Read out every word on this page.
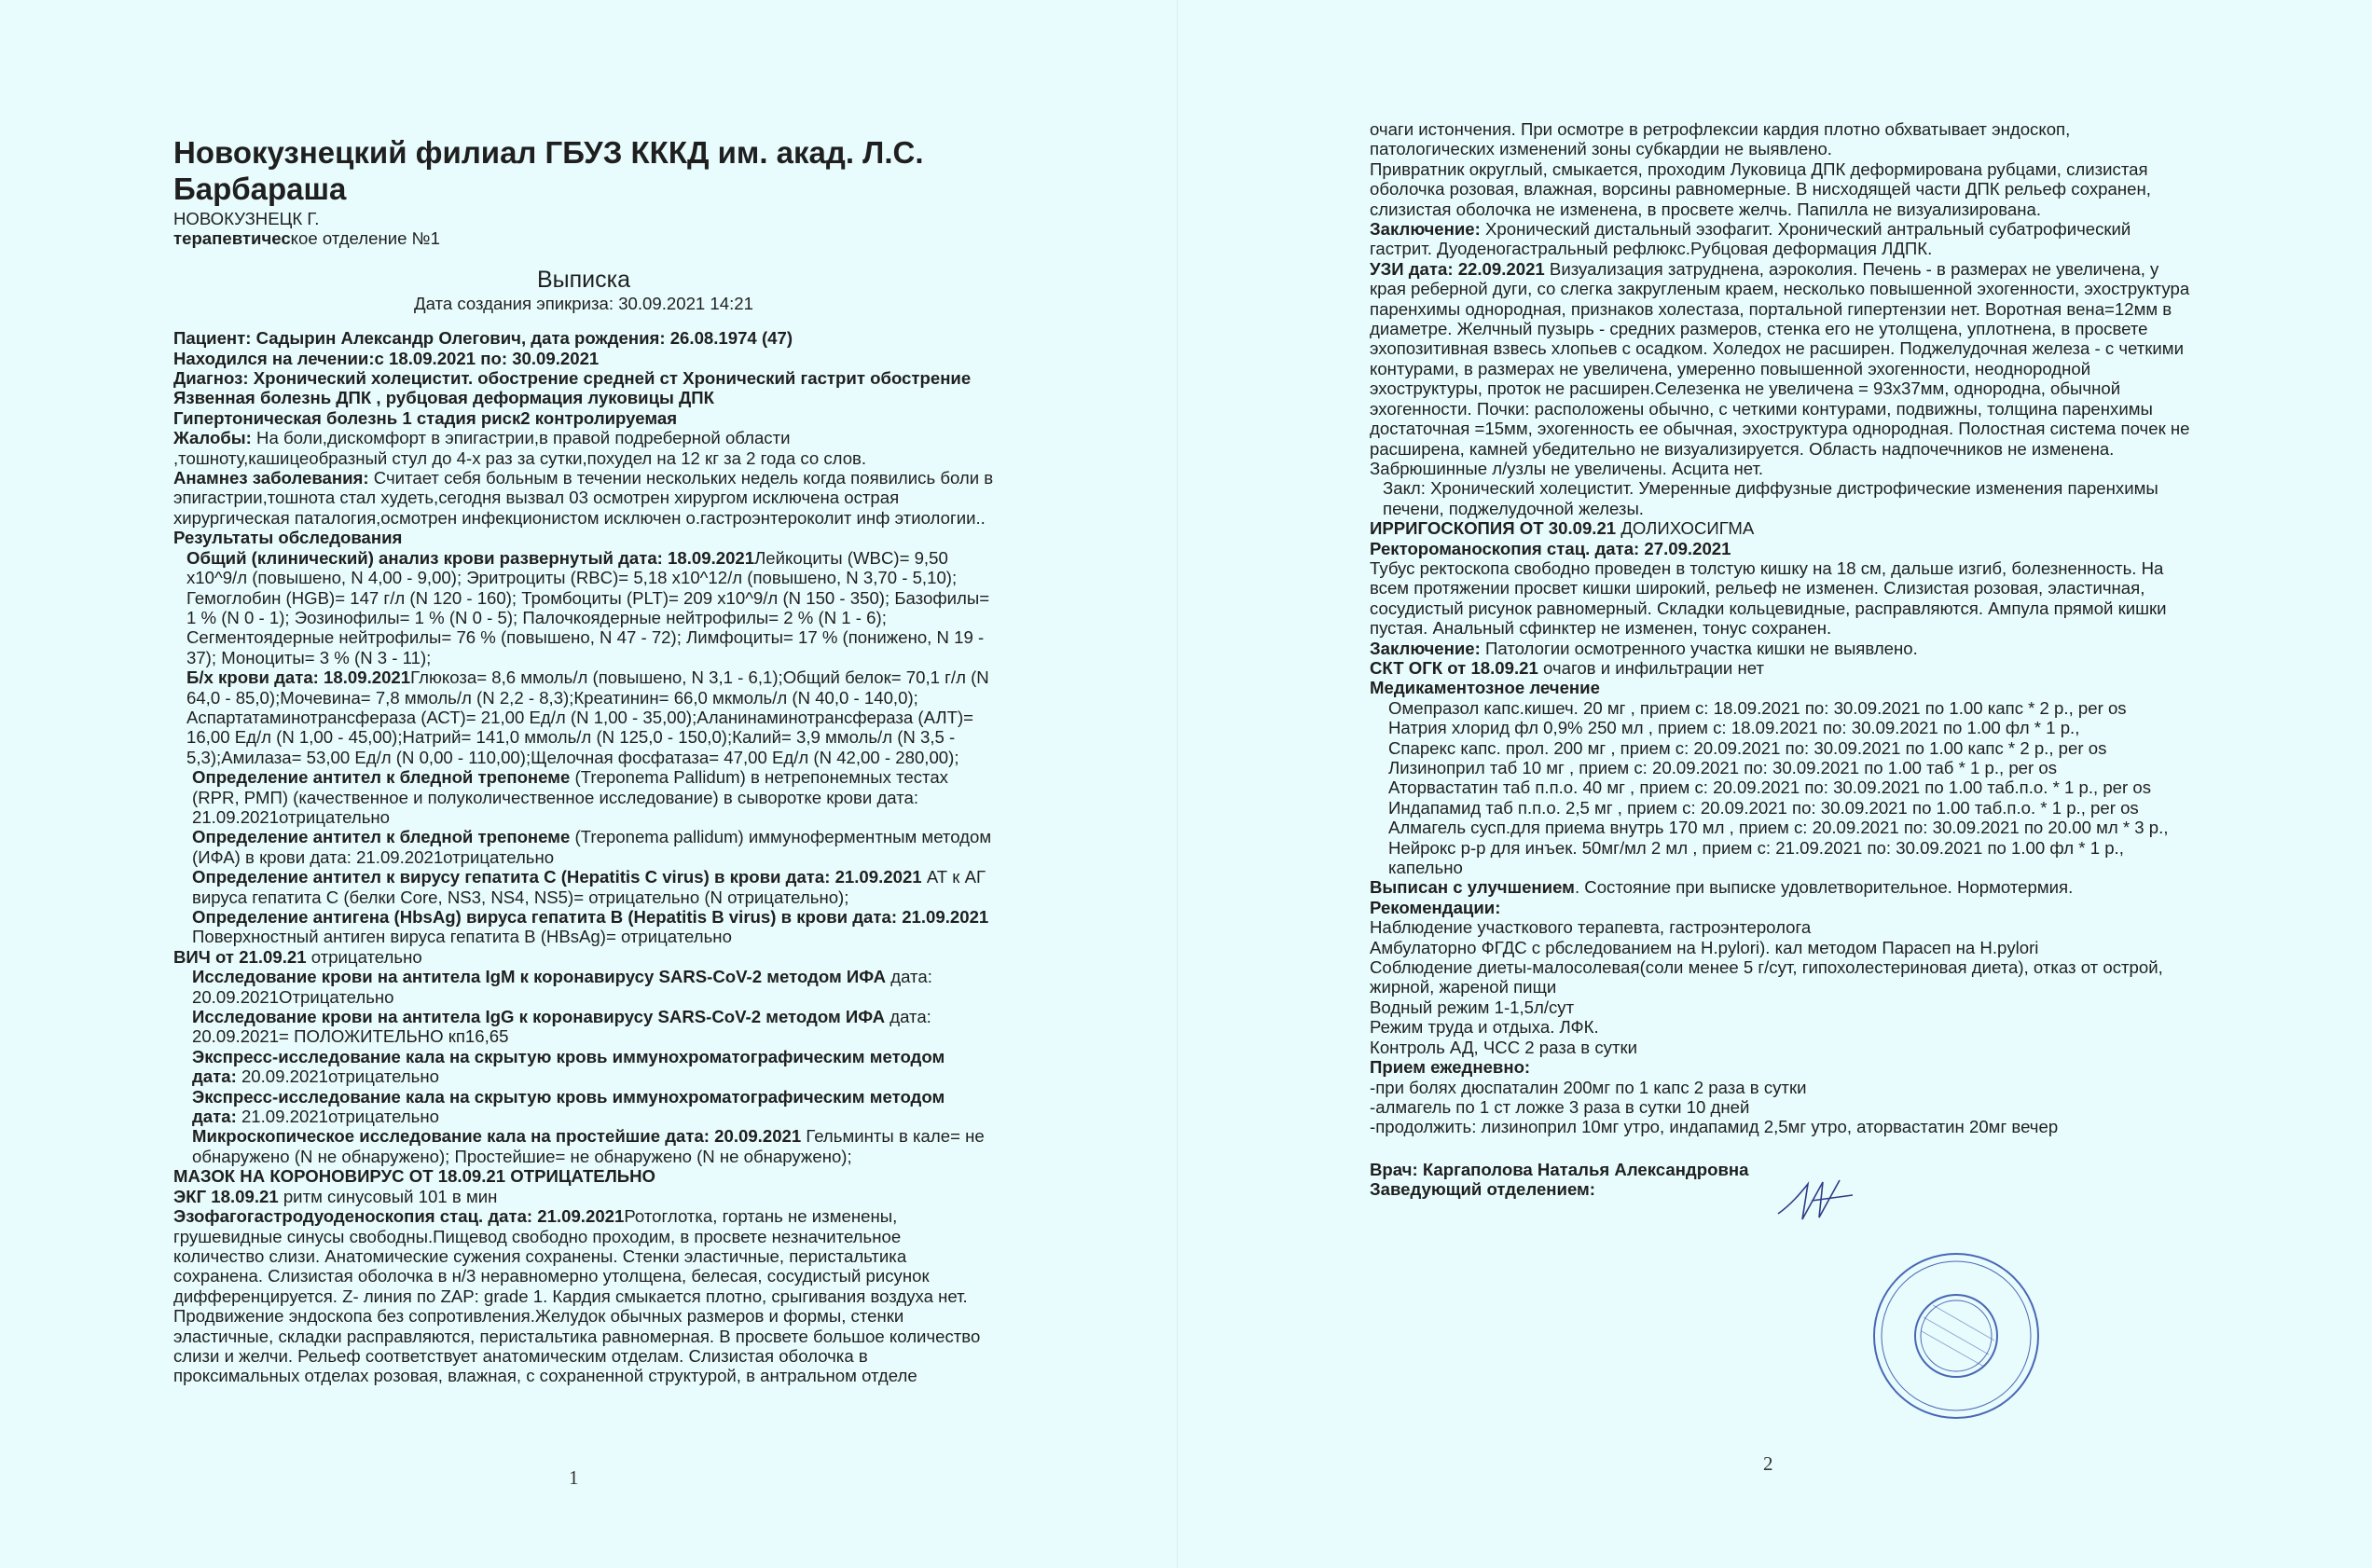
Новокузнецкий филиал ГБУЗ КККД им. акад. Л.С. Барбараша

НОВОКУЗНЕЦК Г.

терапевтическое отделение №1

Выписка

Дата создания эпикриза: 30.09.2021 14:21

Пациент: Садырин Александр Олегович, дата рождения: 26.08.1974 (47)

Находился на лечении:с 18.09.2021 по: 30.09.2021

Диагноз: Хронический холецистит. обострение средней ст Хронический гастрит обострение Язвенная болезнь ДПК , рубцовая деформация луковицы ДПК

Гипертоническая болезнь 1 стадия риск2 контролируемая

Жалобы: На боли,дискомфорт в эпигастрии,в правой подреберной области ,тошноту,кашицеобразный стул до 4-х раз за сутки,похудел на 12 кг за 2 года со слов.

Анамнез заболевания: Считает себя больным в течении нескольких недель когда появились боли в эпигастрии,тошнота стал худеть,сегодня вызвал 03 осмотрен хирургом исключена острая хирургическая паталогия,осмотрен инфекционистом исключен о.гастроэнтероколит инф этиологии..

Результаты обследования

Общий (клинический) анализ крови развернутый дата: 18.09.2021Лейкоциты (WBC)= 9,50 x10^9/л (повышено, N 4,00 - 9,00); Эритроциты (RBC)= 5,18 x10^12/л (повышено, N 3,70 - 5,10); Гемоглобин (HGB)= 147 г/л (N 120 - 160); Тромбоциты (PLT)= 209 x10^9/л (N 150 - 350); Базофилы= 1 % (N 0 - 1); Эозинофилы= 1 % (N 0 - 5); Палочкоядерные нейтрофилы= 2 % (N 1 - 6); Сегментоядерные нейтрофилы= 76 % (повышено, N 47 - 72); Лимфоциты= 17 % (понижено, N 19 - 37); Моноциты= 3 % (N 3 - 11);

Б/х крови дата: 18.09.2021Глюкоза= 8,6 ммоль/л (повышено, N 3,1 - 6,1);Общий белок= 70,1 г/л (N 64,0 - 85,0);Мочевина= 7,8 ммоль/л (N 2,2 - 8,3);Креатинин= 66,0 мкмоль/л (N 40,0 - 140,0); Аспартатаминотрансфераза (АСТ)= 21,00 Ед/л (N 1,00 - 35,00);Аланинаминотрансфераза (АЛТ)= 16,00 Ед/л (N 1,00 - 45,00);Натрий= 141,0 ммоль/л (N 125,0 - 150,0);Калий= 3,9 ммоль/л (N 3,5 - 5,3);Амилаза= 53,00 Ед/л (N 0,00 - 110,00);Щелочная фосфатаза= 47,00 Ед/л (N 42,00 - 280,00);

Определение антител к бледной трепонеме (Treponema Pallidum) в нетрепонемных тестах (RPR, РМП) (качественное и полуколичественное исследование) в сыворотке крови дата: 21.09.2021отрицательно

Определение антител к бледной трепонеме (Treponema pallidum) иммуноферментным методом (ИФА) в крови дата: 21.09.2021отрицательно

Определение антител к вирусу гепатита С (Hepatitis C virus) в крови дата: 21.09.2021 АТ к АГ вируса гепатита С (белки Core, NS3, NS4, NS5)= отрицательно (N отрицательно);

Определение антигена (HbsAg) вируса гепатита В (Hepatitis B virus) в крови дата: 21.09.2021 Поверхностный антиген вируса гепатита В (HBsAg)= отрицательно

ВИЧ от 21.09.21 отрицательно

Исследование крови на антитела IgM к коронавирусу SARS-CoV-2 методом ИФА дата: 20.09.2021Отрицательно

Исследование крови на антитела IgG к коронавирусу SARS-CoV-2 методом ИФА дата: 20.09.2021= ПОЛОЖИТЕЛЬНО кп16,65

Экспресс-исследование кала на скрытую кровь иммунохроматографическим методом дата: 20.09.2021отрицательно

Экспресс-исследование кала на скрытую кровь иммунохроматографическим методом дата: 21.09.2021отрицательно

Микроскопическое исследование кала на простейшие дата: 20.09.2021 Гельминты в кале= не обнаружено (N не обнаружено); Простейшие= не обнаружено (N не обнаружено);

МАЗОК НА КОРОНОВИРУС ОТ 18.09.21 ОТРИЦАТЕЛЬНО

ЭКГ 18.09.21 ритм синусовый 101 в мин

Эзофагогастродуоденоскопия стац. дата: 21.09.2021Ротоглотка, гортань не изменены, грушевидные синусы свободны.Пищевод свободно проходим, в просвете незначительное количество слизи. Анатомические сужения сохранены. Стенки эластичные, перистальтика сохранена. Слизистая оболочка в н/3 неравномерно утолщена, белесая, сосудистый рисунок дифференцируется. Z- линия по ZAP: grade 1. Кардия смыкается плотно, срыгивания воздуха нет. Продвижение эндоскопа без сопротивления.Желудок обычных размеров и формы, стенки эластичные, складки расправляются, перистальтика равномерная. В просвете большое количество слизи и желчи. Рельеф соответствует анатомическим отделам. Слизистая оболочка в проксимальных отделах розовая, влажная, с сохраненной структурой, в антральном отделе

1

очаги истончения. При осмотре в ретрофлексии кардия плотно обхватывает эндоскоп, патологических изменений зоны субкардии не выявлено.

Привратник округлый, смыкается, проходим Луковица ДПК деформирована рубцами, слизистая оболочка розовая, влажная, ворсины равномерные. В нисходящей части ДПК рельеф сохранен, слизистая оболочка не изменена, в просвете желчь. Папилла не визуализирована.

Заключение: Хронический дистальный эзофагит. Хронический антральный субатрофический гастрит. Дуоденогастральный рефлюкс.Рубцовая деформация ЛДПК.

УЗИ дата: 22.09.2021 Визуализация затруднена, аэроколия. Печень - в размерах не увеличена, у края реберной дуги, со слегка закругленым краем, несколько повышенной эхогенности, эхоструктура паренхимы однородная, признаков холестаза, портальной гипертензии нет. Воротная вена=12мм в диаметре. Желчный пузырь - средних размеров, стенка его не утолщена, уплотнена, в просвете эхопозитивная взвесь хлопьев с осадком. Холедох не расширен. Поджелудочная железа - с четкими контурами, в размерах не увеличена, умеренно повышенной эхогенности, неоднородной эхоструктуры, проток не расширен.Селезенка не увеличена = 93х37мм, однородна, обычной эхогенности. Почки: расположены обычно, с четкими контурами, подвижны, толщина паренхимы достаточная =15мм, эхогенность ее обычная, эхоструктура однородная. Полостная система почек не расширена, камней убедительно не визуализируется. Область надпочечников не изменена.

Забрюшинные л/узлы не увеличены. Асцита нет.

Закл: Хронический холецистит. Умеренные диффузные дистрофические изменения паренхимы печени, поджелудочной железы.

ИРРИГОСКОПИЯ ОТ 30.09.21 ДОЛИХОСИГМА

Ректороманоскопия стац. дата: 27.09.2021

Тубус ректоскопа свободно проведен в толстую кишку на 18 см, дальше изгиб, болезненность. На всем протяжении просвет кишки широкий, рельеф не изменен. Слизистая розовая, эластичная, сосудистый рисунок равномерный. Складки кольцевидные, расправляются. Ампула прямой кишки пустая. Анальный сфинктер не изменен, тонус сохранен.

Заключение: Патологии осмотренного участка кишки не выявлено.

СКТ ОГК от 18.09.21 очагов и инфильтрации нет

Медикаментозное лечение

Омепразол капс.кишеч. 20 мг , прием с: 18.09.2021 по: 30.09.2021 по 1.00 капс * 2 р., per os

Натрия хлорид фл 0,9% 250 мл , прием с: 18.09.2021 по: 30.09.2021 по 1.00 фл * 1 р.,

Спарекс капс. прол. 200 мг , прием с: 20.09.2021 по: 30.09.2021 по 1.00 капс * 2 р., per os

Лизиноприл таб 10 мг , прием с: 20.09.2021 по: 30.09.2021 по 1.00 таб * 1 р., per os

Аторвастатин таб п.п.о. 40 мг , прием с: 20.09.2021 по: 30.09.2021 по 1.00 таб.п.о. * 1 р., per os

Индапамид таб п.п.о. 2,5 мг , прием с: 20.09.2021 по: 30.09.2021 по 1.00 таб.п.о. * 1 р., per os

Алмагель сусп.для приема внутрь 170 мл , прием с: 20.09.2021 по: 30.09.2021 по 20.00 мл * 3 р.,

Нейрокс р-р для инъек. 50мг/мл 2 мл , прием с: 21.09.2021 по: 30.09.2021 по 1.00 фл * 1 р., капельно

Выписан с улучшением. Состояние при выписке удовлетворительное. Нормотермия.

Рекомендации:

Наблюдение участкового терапевта, гастроэнтеролога

Амбулаторно ФГДС с рбследованием на H.pylori). кал методом Парасеп на H.pylori

Соблюдение диеты-малосолевая(соли менее 5 г/сут, гипохолестериновая диета), отказ от острой, жирной, жареной пищи

Водный режим 1-1,5л/сут

Режим труда и отдыха. ЛФК.

Контроль АД, ЧСС 2 раза в сутки

Прием ежедневно:

-при болях дюспаталин 200мг по 1 капс 2 раза в сутки

-алмагель по 1 ст ложке 3 раза в сутки 10 дней

-продолжить: лизиноприл 10мг утро, индапамид 2,5мг утро, аторвастатин 20мг вечер

Врач: Каргаполова Наталья Александровна

Заведующий отделением:

2
